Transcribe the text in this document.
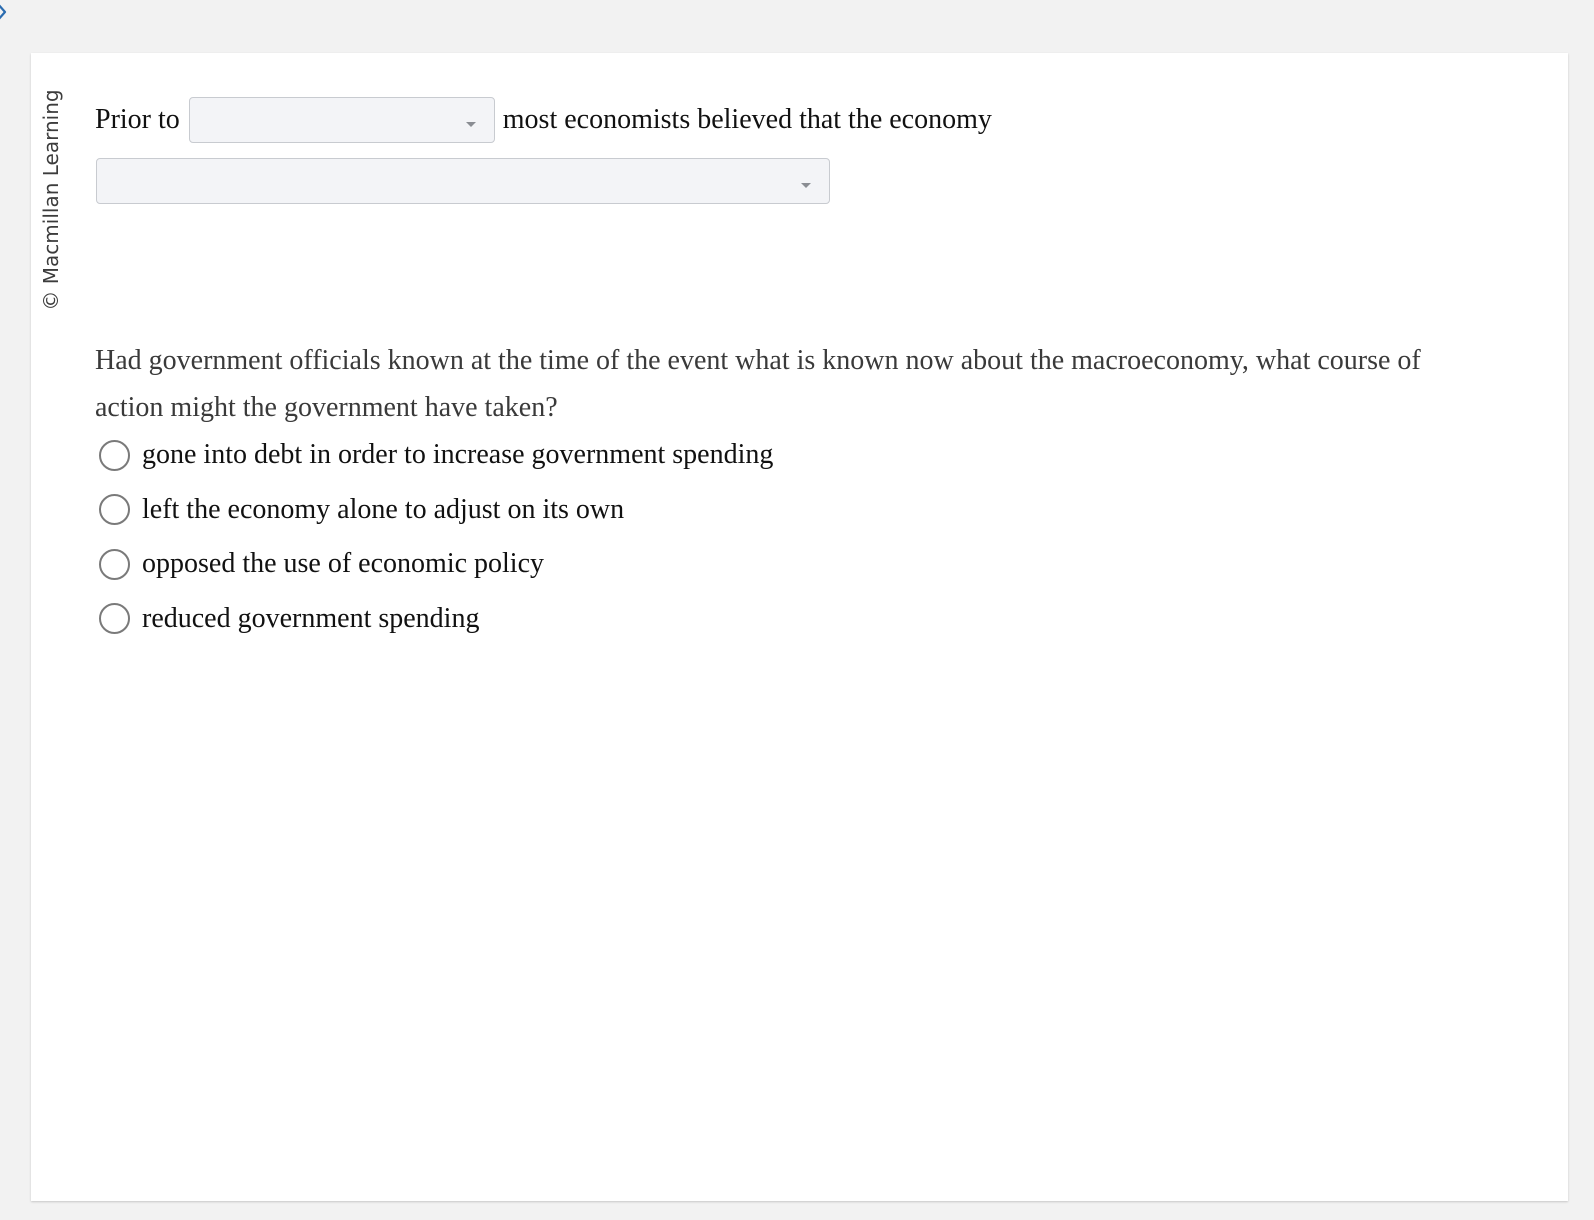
© Macmillan Learning Prior to	most economists believed that the economy

Had government officials known at the time of the event what is known now about the macroeconomy, what course of action might the government have taken?

gone into debt in order to increase government spending
left the economy alone to adjust on its own
opposed the use of economic policy
reduced government spending
